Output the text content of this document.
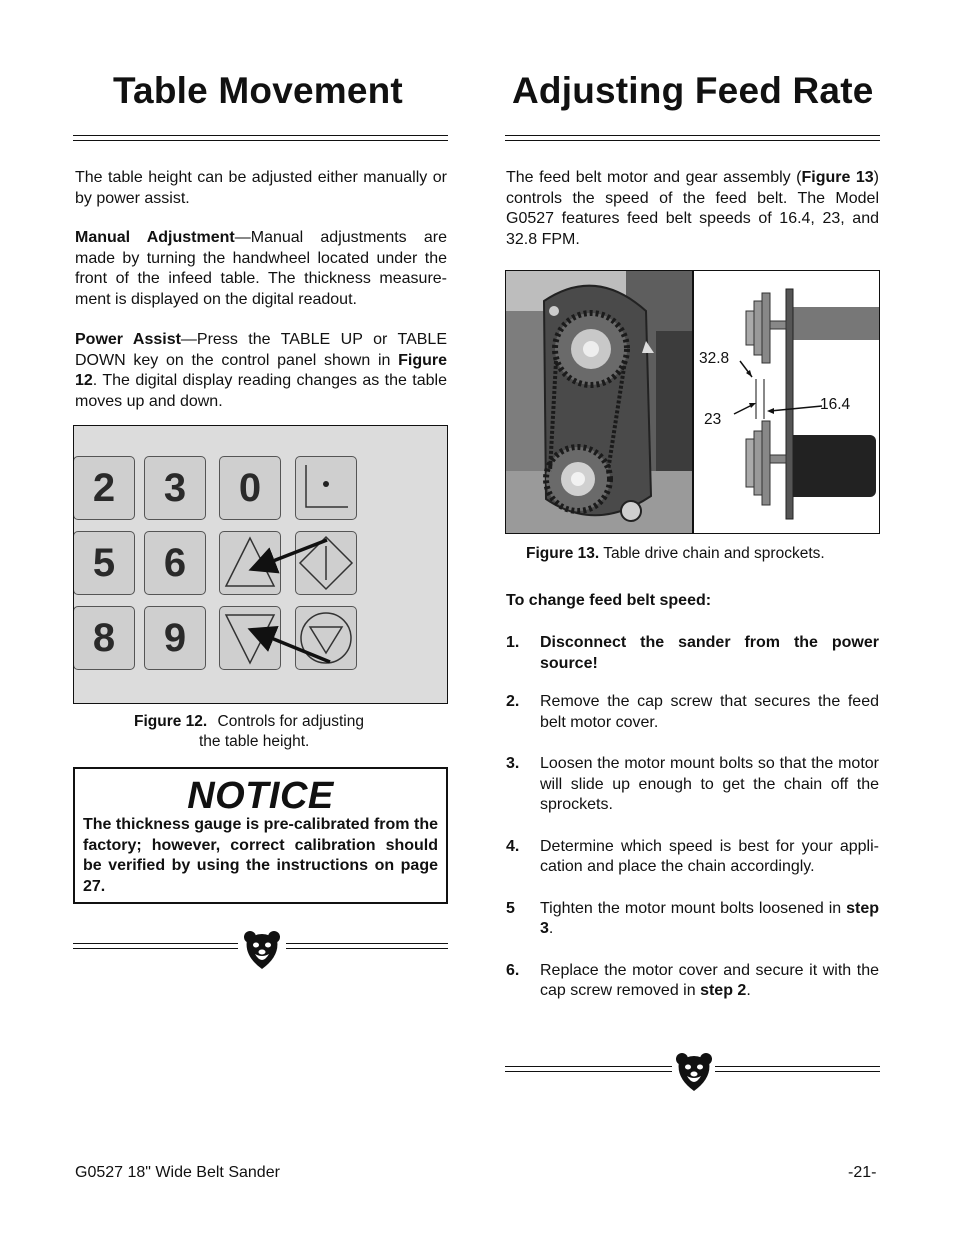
Table Movement
The table height can be adjusted either manually or by power assist.
Manual Adjustment—Manual adjustments are made by turning the handwheel located under the front of the infeed table. The thickness measure-ment is displayed on the digital readout.
Power Assist—Press the TABLE UP or TABLE DOWN key on the control panel shown in Figure 12. The digital display reading changes as the table moves up and down.
2	3	0
5	6
8	9
Figure 12. Controls for adjusting
the table height.
NOTICE
The thickness gauge is pre-calibrated from the factory; however, correct calibration should be verified by using the instructions on page 27.
Adjusting Feed Rate
The feed belt motor and gear assembly (Figure 13) controls the speed of the feed belt. The Model G0527 features feed belt speeds of 16.4, 23, and 32.8 FPM.
32.8
23
16.4
Figure 13. Table drive chain and sprockets.
To change feed belt speed:
1. Disconnect the sander from the power source!
2. Remove the cap screw that secures the feed belt motor cover.
3. Loosen the motor mount bolts so that the motor will slide up enough to get the chain off the sprockets.
4. Determine which speed is best for your appli-cation and place the chain accordingly.
5 Tighten the motor mount bolts loosened in step 3.
6. Replace the motor cover and secure it with the cap screw removed in step 2.
G0527 18" Wide Belt Sander	-21-
